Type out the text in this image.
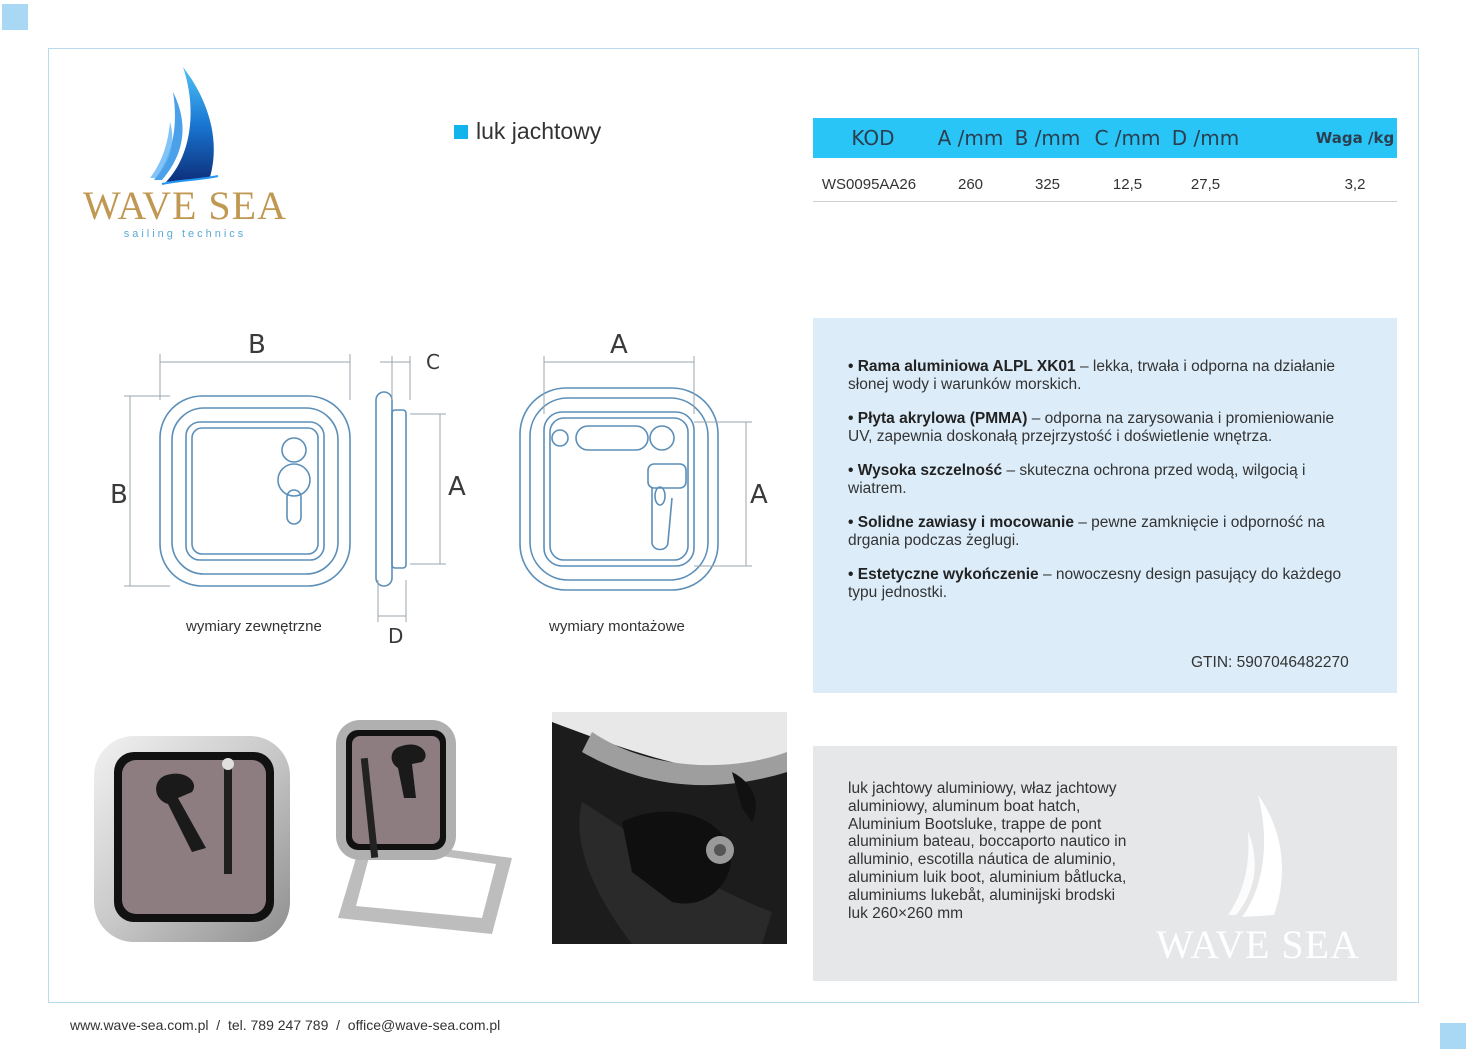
WAVE SEA
sailing technics
luk jachtowy	KOD	A /mm B /mm C /mm D /mm	Waga /kg
WS0095AA26	260	325	12,5	27,5	3,2
B
B
C
A
D
A
A
wymiary zewnętrzne	wymiary montażowe

• Rama aluminiowa ALPL XK01 – lekka, trwała i odporna na działanie słonej wody i warunków morskich.

• Płyta akrylowa (PMMA) – odporna na zarysowania i promieniowanie UV, zapewnia doskonałą przejrzystość i doświetlenie wnętrza.

• Wysoka szczelność – skuteczna ochrona przed wodą, wilgocią i wiatrem.

• Solidne zawiasy i mocowanie – pewne zamknięcie i odporność na drgania podczas żeglugi.

• Estetyczne wykończenie – nowoczesny design pasujący do każdego typu jednostki.

GTIN: 5907046482270
luk jachtowy aluminiowy, właz jachtowy aluminiowy, aluminum boat hatch, Aluminium Bootsluke, trappe de pont aluminium bateau, boccaporto nautico in alluminio, escotilla náutica de aluminio, aluminium luik boot, aluminium båtlucka, aluminiums lukebåt, aluminijski brodski luk 260×260 mm
WAVE SEA
www.wave-sea.com.pl  /  tel. 789 247 789  /  office@wave-sea.com.pl
